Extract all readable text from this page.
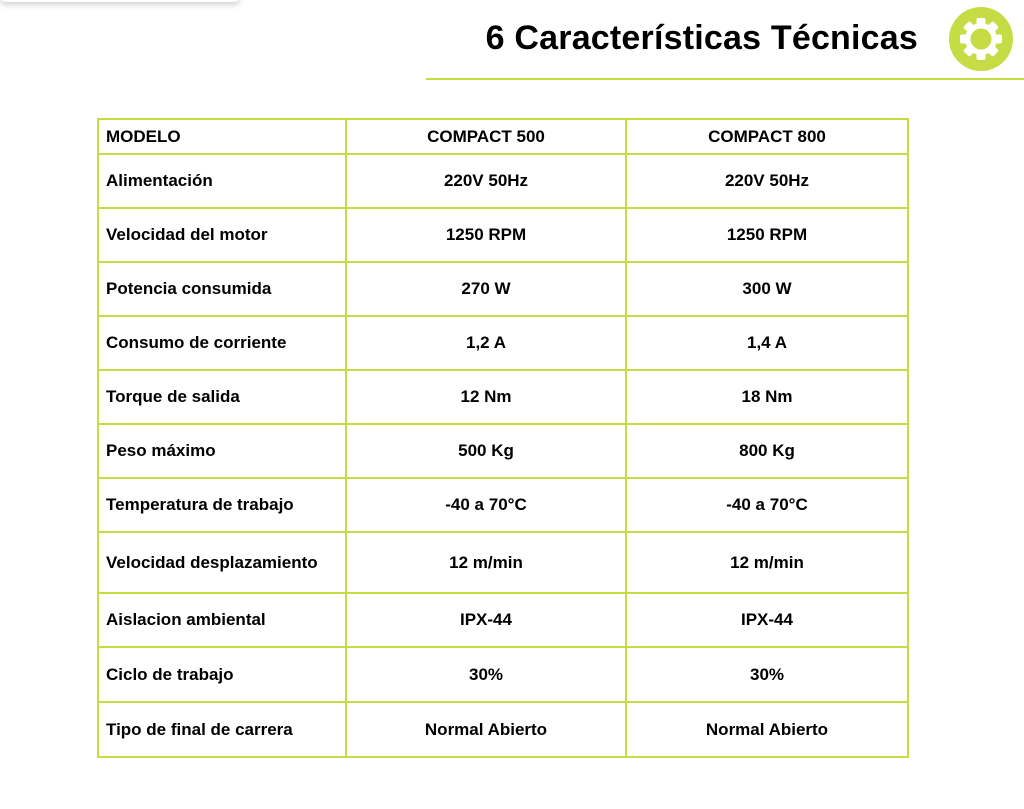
6 Características Técnicas
MODELO	COMPACT 500	COMPACT 800
Alimentación	220V 50Hz	220V 50Hz
Velocidad del motor	1250 RPM	1250 RPM
Potencia consumida	270 W	300 W
Consumo de corriente	1,2 A	1,4 A
Torque de salida	12 Nm	18 Nm
Peso máximo	500 Kg	800 Kg
Temperatura de trabajo	-40 a 70°C	-40 a 70°C
Velocidad desplazamiento	12 m/min	12 m/min
Aislacion ambiental	IPX-44	IPX-44
Ciclo de trabajo	30%	30%
Tipo de final de carrera	Normal Abierto	Normal Abierto
